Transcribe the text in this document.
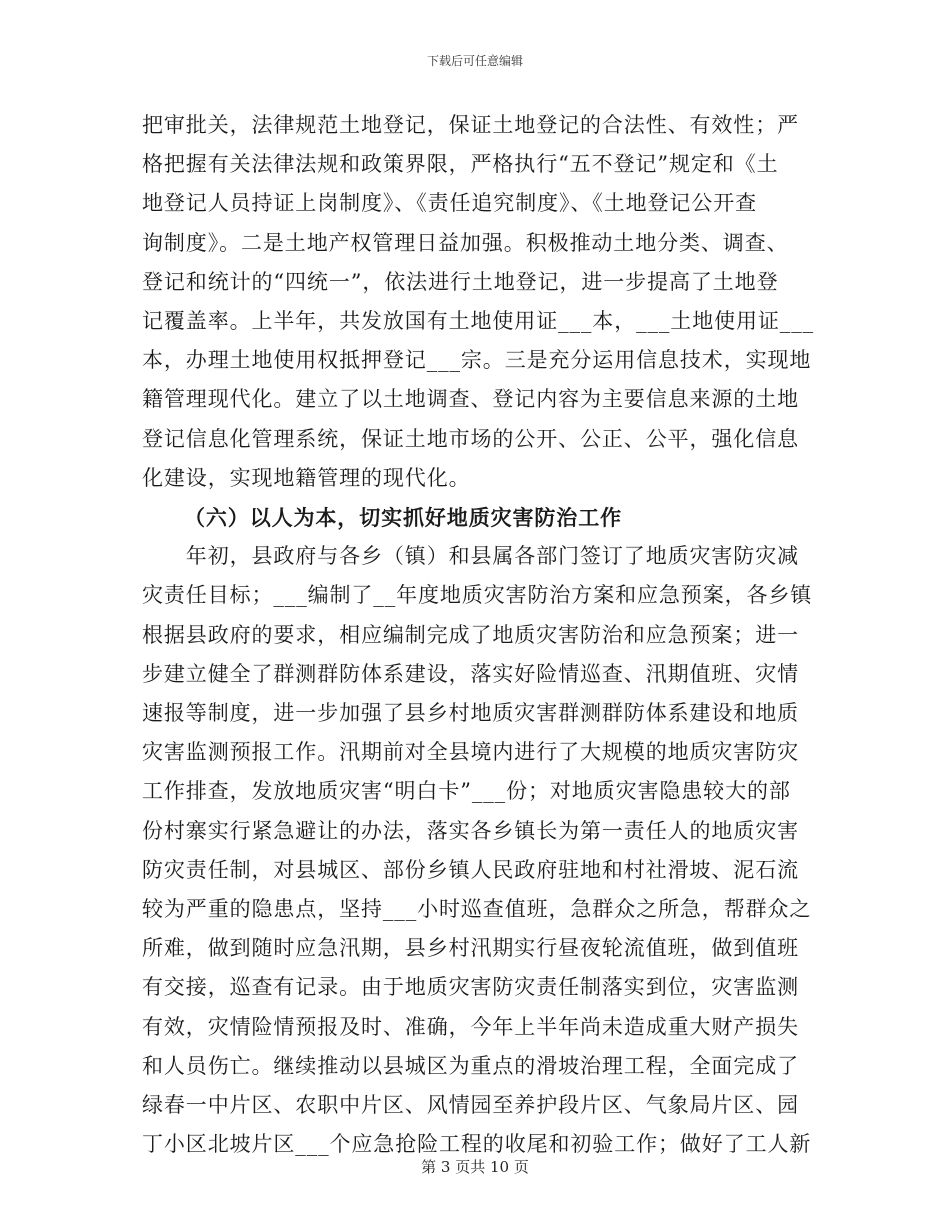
下载后可任意编辑
把审批关，法律规范土地登记，保证土地登记的合法性、有效性；严
格把握有关法律法规和政策界限，严格执行“五不登记”规定和《土
地登记人员持证上岗制度》、《责任追究制度》、《土地登记公开查
询制度》。二是土地产权管理日益加强。积极推动土地分类、调查、
登记和统计的“四统一”，依法进行土地登记，进一步提高了土地登
记覆盖率。上半年，共发放国有土地使用证___本，___土地使用证___
本，办理土地使用权抵押登记___宗。三是充分运用信息技术，实现地
籍管理现代化。建立了以土地调查、登记内容为主要信息来源的土地
登记信息化管理系统，保证土地市场的公开、公正、公平，强化信息
化建设，实现地籍管理的现代化。
（六）以人为本，切实抓好地质灾害防治工作
　　年初，县政府与各乡（镇）和县属各部门签订了地质灾害防灾减
灾责任目标；___编制了__年度地质灾害防治方案和应急预案，各乡镇
根据县政府的要求，相应编制完成了地质灾害防治和应急预案；进一
步建立健全了群测群防体系建设，落实好险情巡查、汛期值班、灾情
速报等制度，进一步加强了县乡村地质灾害群测群防体系建设和地质
灾害监测预报工作。汛期前对全县境内进行了大规模的地质灾害防灾
工作排查，发放地质灾害“明白卡”___份；对地质灾害隐患较大的部
份村寨实行紧急避让的办法，落实各乡镇长为第一责任人的地质灾害
防灾责任制，对县城区、部份乡镇人民政府驻地和村社滑坡、泥石流
较为严重的隐患点，坚持___小时巡查值班，急群众之所急，帮群众之
所难，做到随时应急汛期，县乡村汛期实行昼夜轮流值班，做到值班
有交接，巡查有记录。由于地质灾害防灾责任制落实到位，灾害监测
有效，灾情险情预报及时、准确，今年上半年尚未造成重大财产损失
和人员伤亡。继续推动以县城区为重点的滑坡治理工程，全面完成了
绿春一中片区、农职中片区、风情园至养护段片区、气象局片区、园
丁小区北坡片区___个应急抢险工程的收尾和初验工作；做好了工人新
第 3 页共 10 页
